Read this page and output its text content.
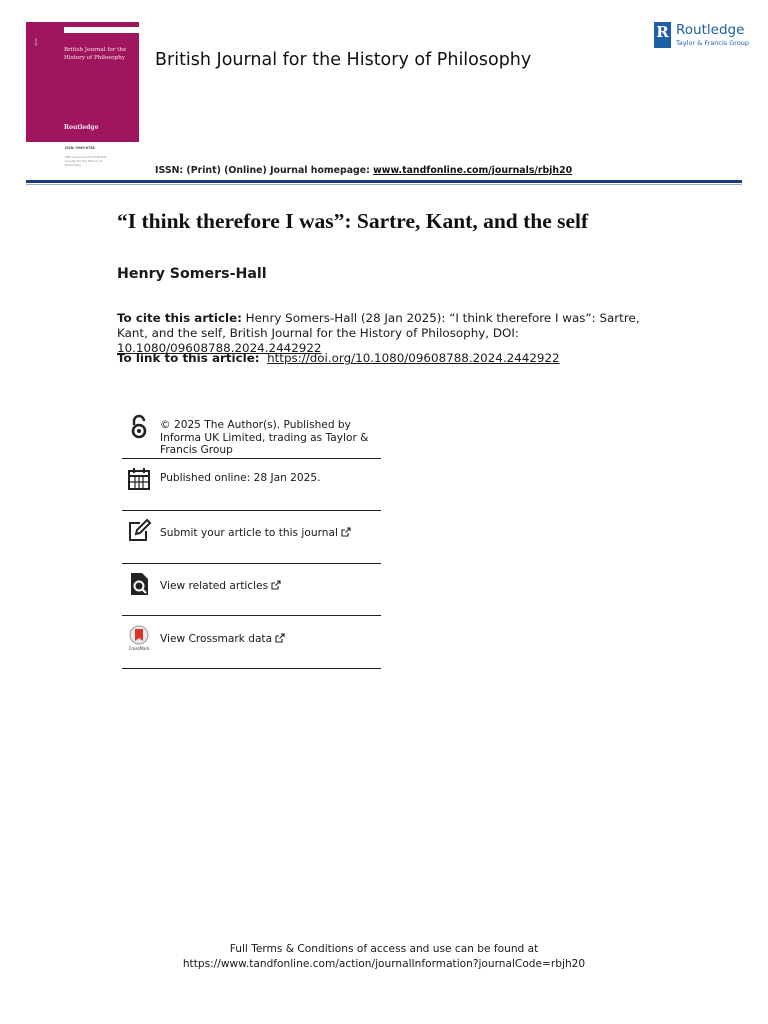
BJHP
British Journal for the History of Philosophy
Routledge
ISSN: 0960-8788
Official journal of the British Society for the History of Philosophy
British Journal for the History of Philosophy
R Routledge
Taylor & Francis Group
ISSN: (Print) (Online) Journal homepage: www.tandfonline.com/journals/rbjh20
“I think therefore I was”: Sartre, Kant, and the self
Henry Somers-Hall
To cite this article: Henry Somers-Hall (28 Jan 2025): “I think therefore I was”: Sartre, Kant, and the self, British Journal for the History of Philosophy, DOI: 10.1080/09608788.2024.2442922
To link to this article: https://doi.org/10.1080/09608788.2024.2442922
© 2025 The Author(s). Published by Informa UK Limited, trading as Taylor & Francis Group
Published online: 28 Jan 2025.
Submit your article to this journal
View related articles
CrossMark
View Crossmark data
Full Terms & Conditions of access and use can be found at
https://www.tandfonline.com/action/journalInformation?journalCode=rbjh20
